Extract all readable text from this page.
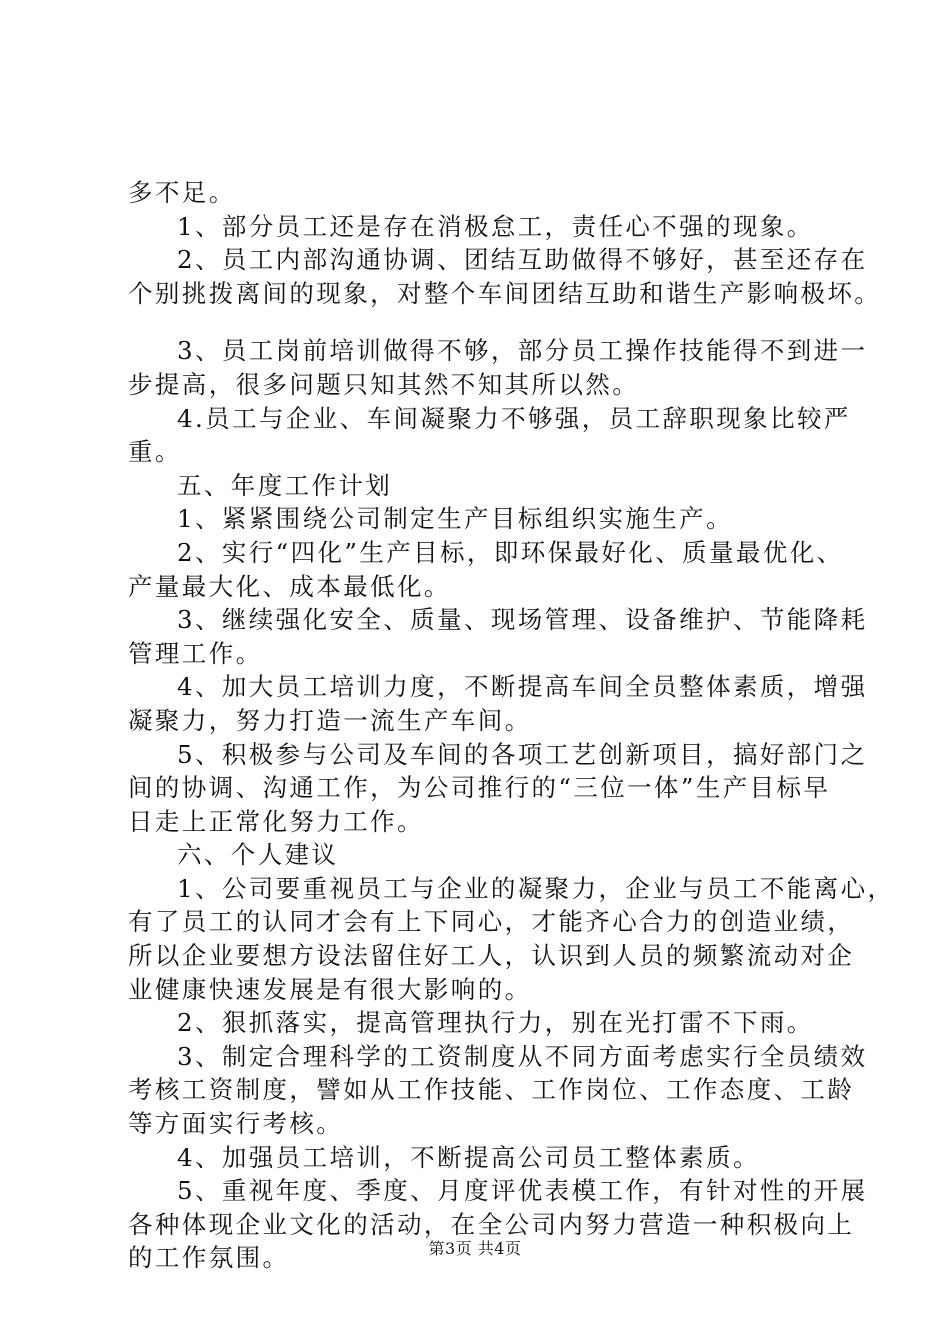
多不足。
1、部分员工还是存在消极怠工，责任心不强的现象。
2、员工内部沟通协调、团结互助做得不够好，甚至还存在
个别挑拨离间的现象，对整个车间团结互助和谐生产影响极坏。
3、员工岗前培训做得不够，部分员工操作技能得不到进一
步提高，很多问题只知其然不知其所以然。
4.员工与企业、车间凝聚力不够强，员工辞职现象比较严
重。
五、年度工作计划
1、紧紧围绕公司制定生产目标组织实施生产。
2、实行“四化”生产目标，即环保最好化、质量最优化、
产量最大化、成本最低化。
3、继续强化安全、质量、现场管理、设备维护、节能降耗
管理工作。
4、加大员工培训力度，不断提高车间全员整体素质，增强
凝聚力，努力打造一流生产车间。
5、积极参与公司及车间的各项工艺创新项目，搞好部门之
间的协调、沟通工作，为公司推行的“三位一体”生产目标早
日走上正常化努力工作。
六、个人建议
1、公司要重视员工与企业的凝聚力，企业与员工不能离心，
有了员工的认同才会有上下同心，才能齐心合力的创造业绩，
所以企业要想方设法留住好工人，认识到人员的频繁流动对企
业健康快速发展是有很大影响的。
2、狠抓落实，提高管理执行力，别在光打雷不下雨。
3、制定合理科学的工资制度从不同方面考虑实行全员绩效
考核工资制度，譬如从工作技能、工作岗位、工作态度、工龄
等方面实行考核。
4、加强员工培训，不断提高公司员工整体素质。
5、重视年度、季度、月度评优表模工作，有针对性的开展
各种体现企业文化的活动，在全公司内努力营造一种积极向上
的工作氛围。	第3页 共4页
